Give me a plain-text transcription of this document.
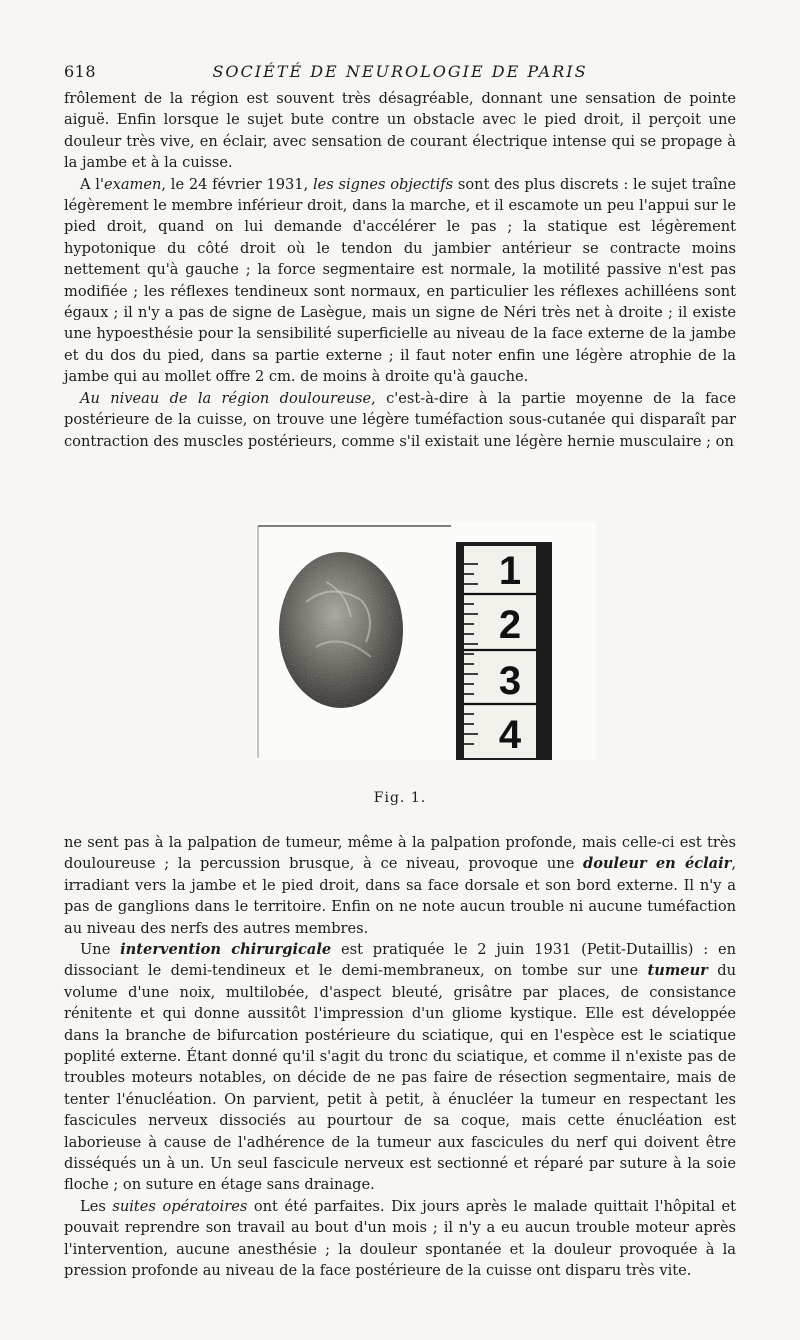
618	SOCIÉTÉ DE NEUROLOGIE DE PARIS

frôlement de la région est souvent très désagréable, donnant une sensation de pointe aiguë. Enfin lorsque le sujet bute contre un obstacle avec le pied droit, il perçoit une douleur très vive, en éclair, avec sensation de courant électrique intense qui se propage à la jambe et à la cuisse.

A l'examen, le 24 février 1931, les signes objectifs sont des plus discrets : le sujet traîne légèrement le membre inférieur droit, dans la marche, et il escamote un peu l'appui sur le pied droit, quand on lui demande d'accélérer le pas ; la statique est légèrement hypotonique du côté droit où le tendon du jambier antérieur se contracte moins nettement qu'à gauche ; la force segmentaire est normale, la motilité passive n'est pas modifiée ; les réflexes tendineux sont normaux, en particulier les réflexes achilléens sont égaux ; il n'y a pas de signe de Lasègue, mais un signe de Néri très net à droite ; il existe une hypoesthésie pour la sensibilité superficielle au niveau de la face externe de la jambe et du dos du pied, dans sa partie externe ; il faut noter enfin une légère atrophie de la jambe qui au mollet offre 2 cm. de moins à droite qu'à gauche.

Au niveau de la région douloureuse, c'est-à-dire à la partie moyenne de la face postérieure de la cuisse, on trouve une légère tuméfaction sous-cutanée qui disparaît par contraction des muscles postérieurs, comme s'il existait une légère hernie musculaire ; on

1
2
3
4
Fig. 1.

ne sent pas à la palpation de tumeur, même à la palpation profonde, mais celle-ci est très douloureuse ; la percussion brusque, à ce niveau, provoque une douleur en éclair, irradiant vers la jambe et le pied droit, dans sa face dorsale et son bord externe. Il n'y a pas de ganglions dans le territoire. Enfin on ne note aucun trouble ni aucune tuméfaction au niveau des nerfs des autres membres.

Une intervention chirurgicale est pratiquée le 2 juin 1931 (Petit-Dutaillis) : en dissociant le demi-tendineux et le demi-membraneux, on tombe sur une tumeur du volume d'une noix, multilobée, d'aspect bleuté, grisâtre par places, de consistance rénitente et qui donne aussitôt l'impression d'un gliome kystique. Elle est développée dans la branche de bifurcation postérieure du sciatique, qui en l'espèce est le sciatique poplité externe. Étant donné qu'il s'agit du tronc du sciatique, et comme il n'existe pas de troubles moteurs notables, on décide de ne pas faire de résection segmentaire, mais de tenter l'énucléation. On parvient, petit à petit, à énucléer la tumeur en respectant les fascicules nerveux dissociés au pourtour de sa coque, mais cette énucléation est laborieuse à cause de l'adhérence de la tumeur aux fascicules du nerf qui doivent être disséqués un à un. Un seul fascicule nerveux est sectionné et réparé par suture à la soie floche ; on suture en étage sans drainage.

Les suites opératoires ont été parfaites. Dix jours après le malade quittait l'hôpital et pouvait reprendre son travail au bout d'un mois ; il n'y a eu aucun trouble moteur après l'intervention, aucune anesthésie ; la douleur spontanée et la douleur provoquée à la pression profonde au niveau de la face postérieure de la cuisse ont disparu très vite.
